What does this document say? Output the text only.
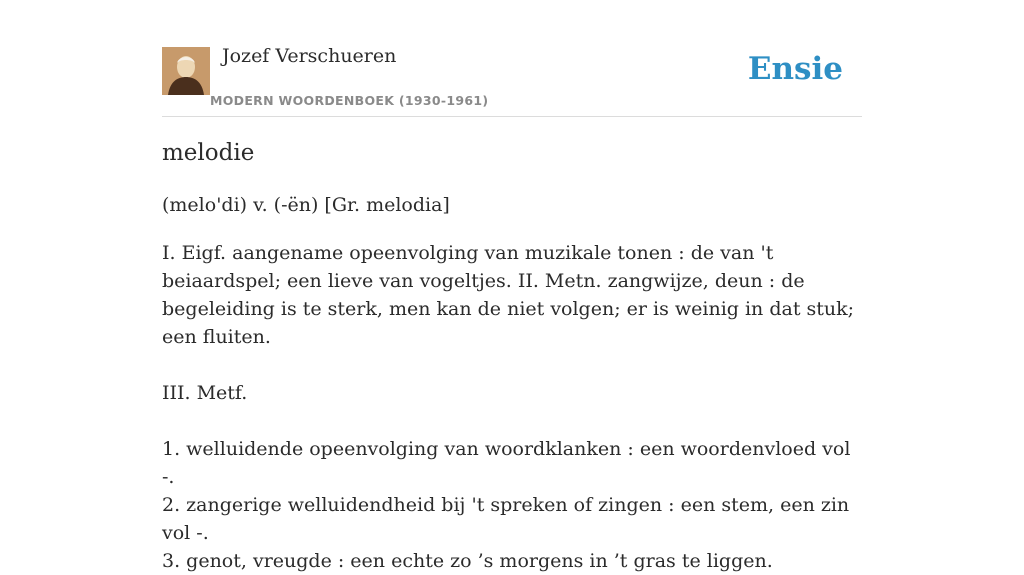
Jozef Verschueren
MODERN WOORDENBOEK (1930-1961)
Ensie
melodie
(melo'di) v. (-ën) [Gr. melodia]

I. Eigf. aangename opeenvolging van muzikale tonen : de van 't beiaardspel; een lieve van vogeltjes. II. Metn. zangwijze, deun : de begeleiding is te sterk, men kan de niet volgen; er is weinig in dat stuk; een fluiten.

III. Metf.

1. welluidende opeenvolging van woordklanken : een woordenvloed vol -.

2. zangerige welluidendheid bij 't spreken of zingen : een stem, een zin vol -.

3. genot, vreugde : een echte zo ’s morgens in ’t gras te liggen.
